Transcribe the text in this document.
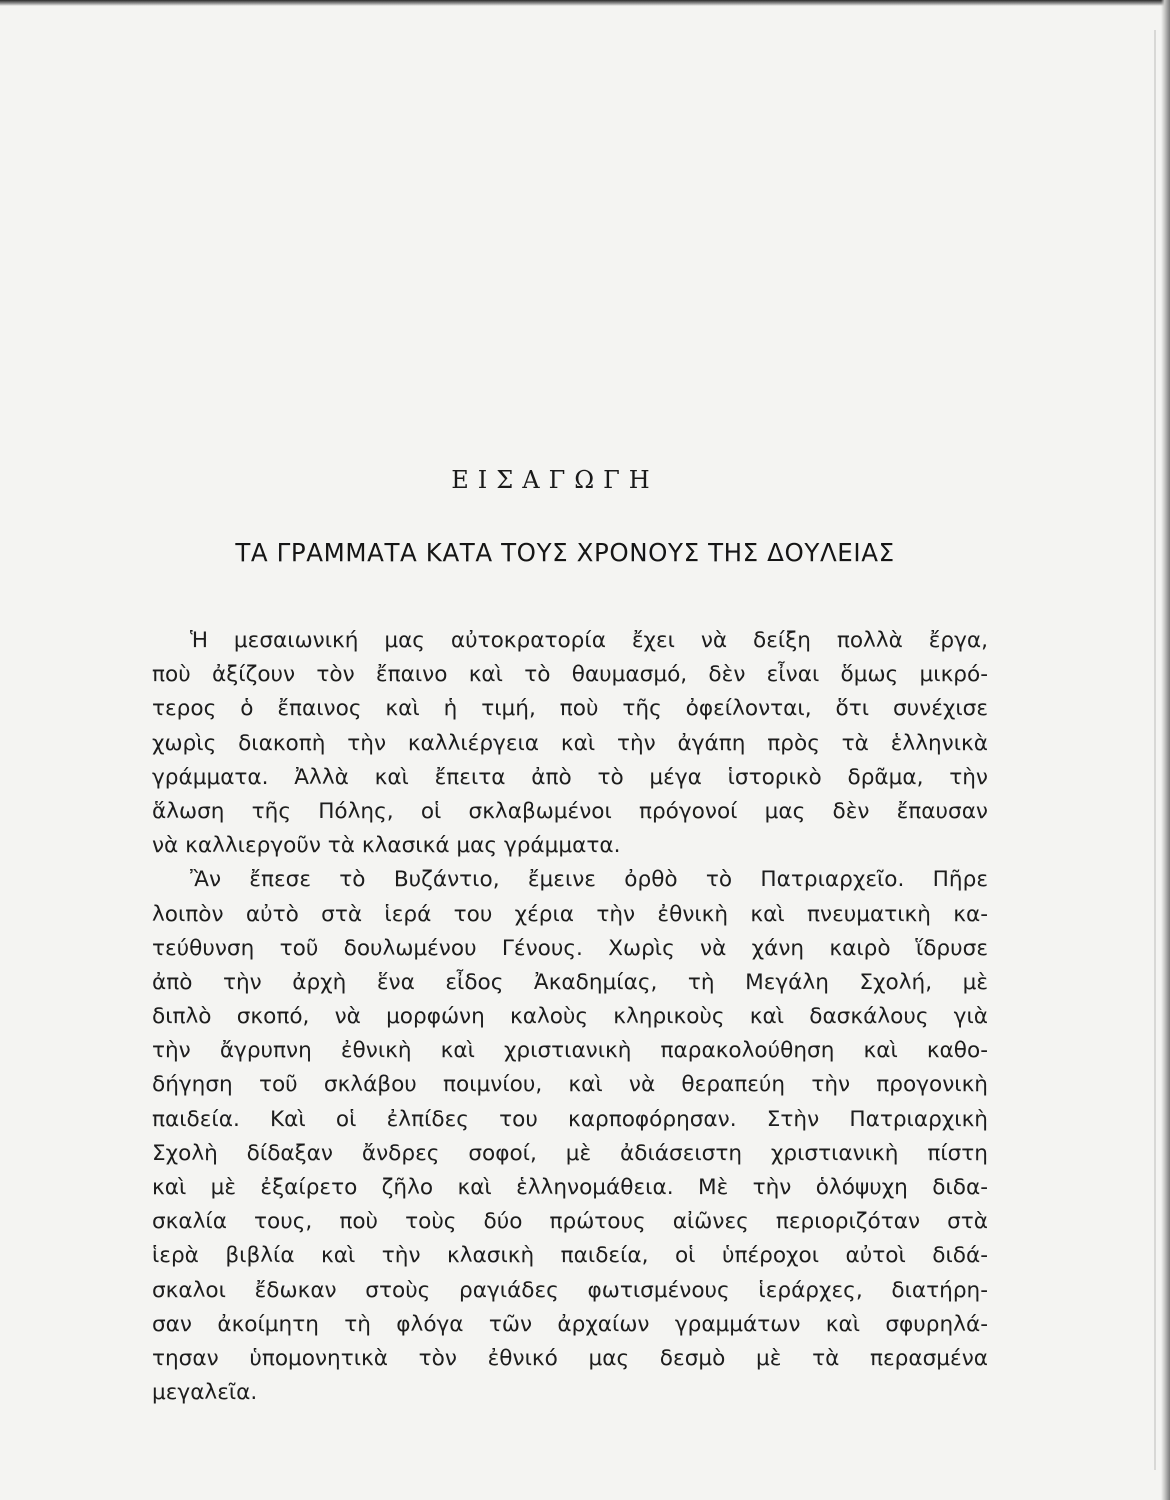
ΕΙΣΑΓΩΓΗ
ΤΑ ΓΡΑΜΜΑΤΑ ΚΑΤΑ ΤΟΥΣ ΧΡΟΝΟΥΣ ΤΗΣ ΔΟΥΛΕΙΑΣ
Ἡ μεσαιωνική μας αὐτοκρατορία ἔχει νὰ δείξη πολλὰ ἔργα,
ποὺ ἀξίζουν τὸν ἔπαινο καὶ τὸ θαυμασμό, δὲν εἶναι ὅμως μικρό-
τερος ὁ ἔπαινος καὶ ἡ τιμή, ποὺ τῆς ὀφείλονται, ὅτι συνέχισε
χωρὶς διακοπὴ τὴν καλλιέργεια καὶ τὴν ἀγάπη πρὸς τὰ ἑλληνικὰ
γράμματα. Ἀλλὰ καὶ ἔπειτα ἀπὸ τὸ μέγα ἱστορικὸ δρᾶμα, τὴν
ἅλωση τῆς Πόλης, οἱ σκλαβωμένοι πρόγονοί μας δὲν ἔπαυσαν
νὰ καλλιεργοῦν τὰ κλασικά μας γράμματα.
Ἂν ἔπεσε τὸ Βυζάντιο, ἔμεινε ὀρθὸ τὸ Πατριαρχεῖο. Πῆρε
λοιπὸν αὐτὸ στὰ ἱερά του χέρια τὴν ἐθνικὴ καὶ πνευματικὴ κα-
τεύθυνση τοῦ δουλωμένου Γένους. Χωρὶς νὰ χάνη καιρὸ ἵδρυσε
ἀπὸ τὴν ἀρχὴ ἕνα εἶδος Ἀκαδημίας, τὴ Μεγάλη Σχολή, μὲ
διπλὸ σκοπό, νὰ μορφώνη καλοὺς κληρικοὺς καὶ δασκάλους γιὰ
τὴν ἄγρυπνη ἐθνικὴ καὶ χριστιανικὴ παρακολούθηση καὶ καθο-
δήγηση τοῦ σκλάβου ποιμνίου, καὶ νὰ θεραπεύη τὴν προγονικὴ
παιδεία. Καὶ οἱ ἐλπίδες του καρποφόρησαν. Στὴν Πατριαρχικὴ
Σχολὴ δίδαξαν ἄνδρες σοφοί, μὲ ἀδιάσειστη χριστιανικὴ πίστη
καὶ μὲ ἐξαίρετο ζῆλο καὶ ἑλληνομάθεια. Μὲ τὴν ὁλόψυχη διδα-
σκαλία τους, ποὺ τοὺς δύο πρώτους αἰῶνες περιοριζόταν στὰ
ἱερὰ βιβλία καὶ τὴν κλασικὴ παιδεία, οἱ ὑπέροχοι αὐτοὶ διδά-
σκαλοι ἔδωκαν στοὺς ραγιάδες φωτισμένους ἱεράρχες, διατήρη-
σαν ἀκοίμητη τὴ φλόγα τῶν ἀρχαίων γραμμάτων καὶ σφυρηλά-
τησαν ὑπομονητικὰ τὸν ἐθνικό μας δεσμὸ μὲ τὰ περασμένα
μεγαλεῖα.
